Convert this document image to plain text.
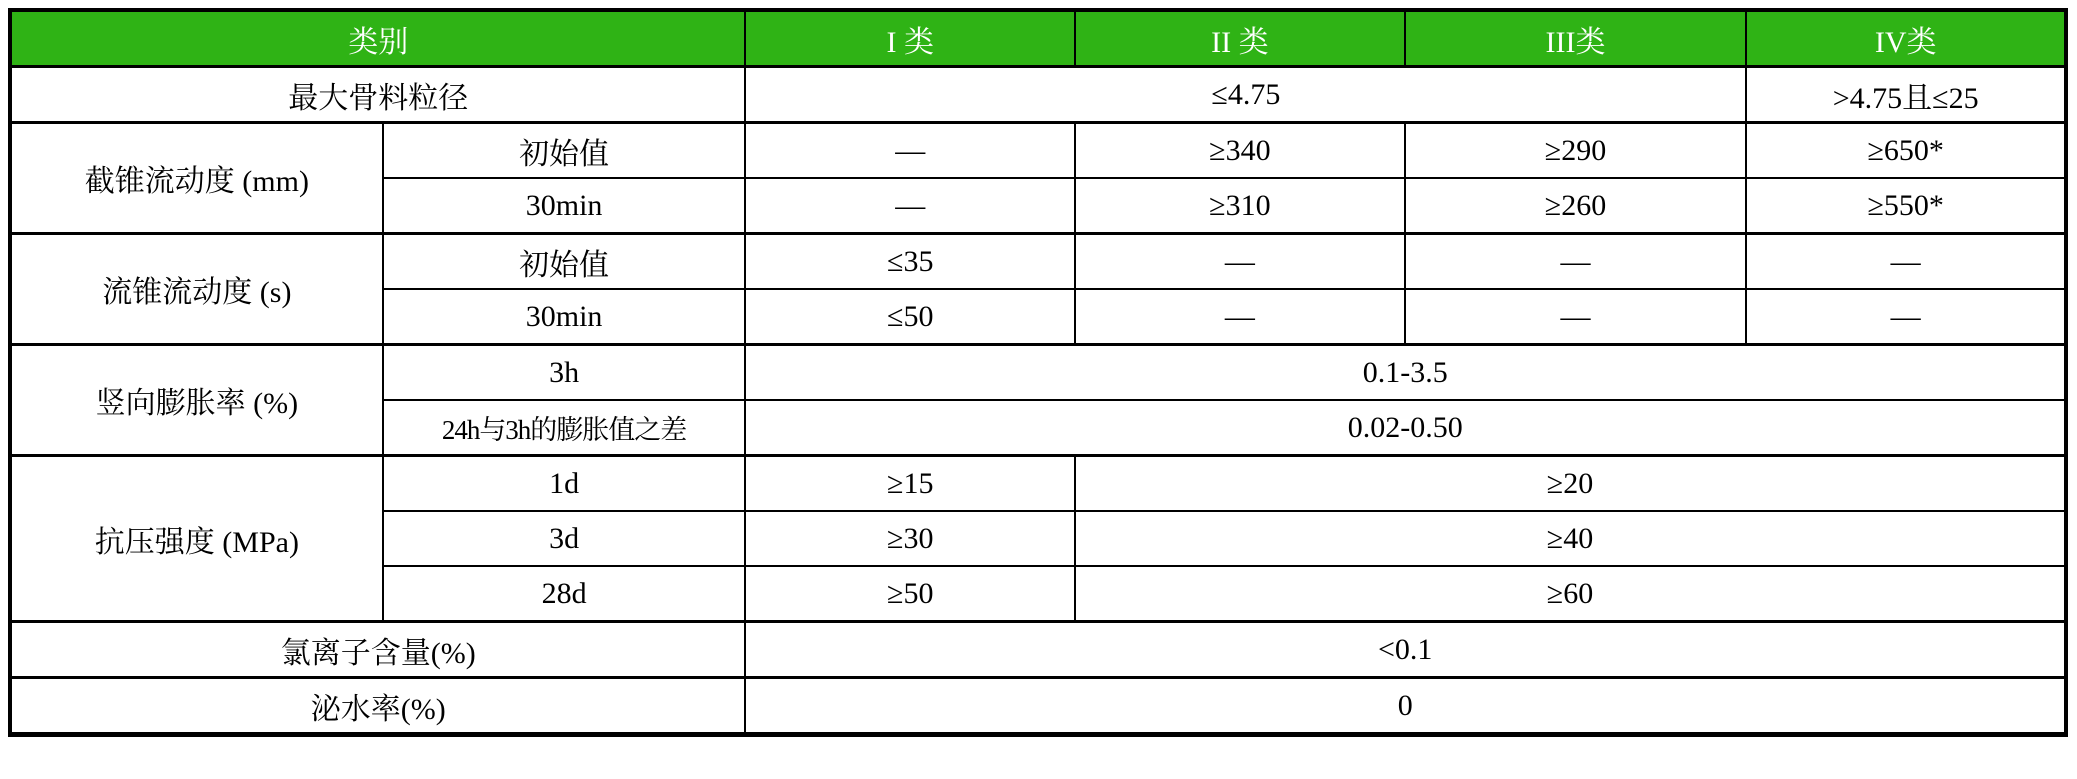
类别		I 类	II 类	III类	IV类
最大骨料粒径		≤4.75			>4.75且≤25
截锥流动度 (mm)	初始值	—	≥340	≥290	≥650*
	30min	—	≥310	≥260	≥550*
流锥流动度 (s)	初始值	≤35	—	—	—
	30min	≤50	—	—	—
竖向膨胀率 (%)	3h	0.1-3.5			
	24h与3h的膨胀值之差	0.02-0.50			
抗压强度 (MPa)	1d	≥15	≥20		
	3d	≥30	≥40		
	28d	≥50	≥60		
氯离子含量(%)		<0.1			
泌水率(%)		0			
